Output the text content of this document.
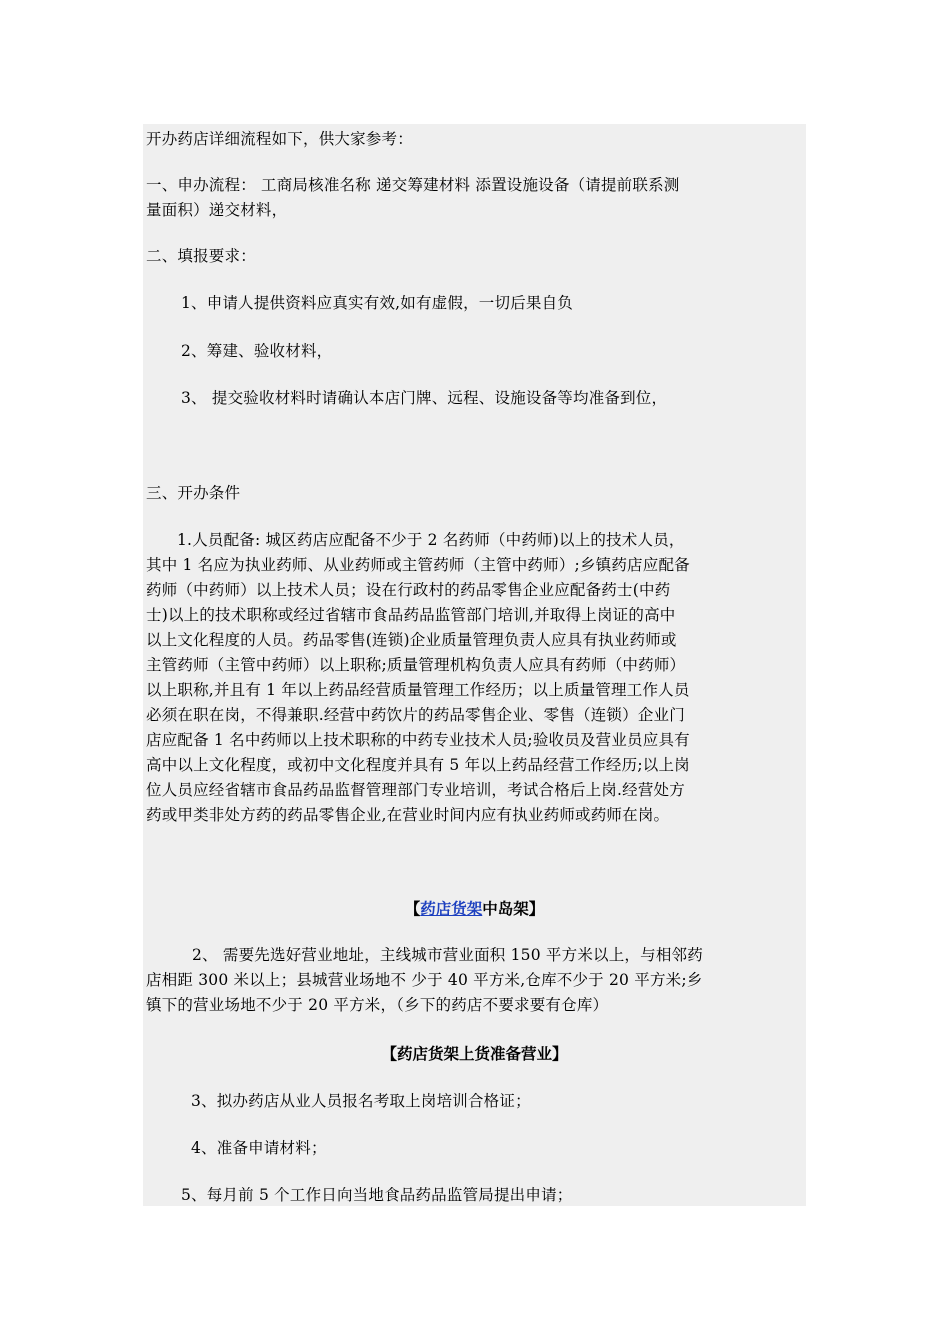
开办药店详细流程如下，供大家参考：
一、申办流程： 工商局核准名称 递交筹建材料 添置设施设备（请提前联系测
量面积）递交材料，
二、填报要求：
1、申请人提供资料应真实有效,如有虚假，一切后果自负
2、筹建、验收材料，
3、 提交验收材料时请确认本店门牌、远程、设施设备等均准备到位，
三、开办条件
1.人员配备: 城区药店应配备不少于 2 名药师（中药师)以上的技术人员，
其中 1 名应为执业药师、从业药师或主管药师（主管中药师）;乡镇药店应配备
药师（中药师）以上技术人员；设在行政村的药品零售企业应配备药士(中药
士)以上的技术职称或经过省辖市食品药品监管部门培训,并取得上岗证的高中
以上文化程度的人员。药品零售(连锁)企业质量管理负责人应具有执业药师或
主管药师（主管中药师）以上职称;质量管理机构负责人应具有药师（中药师）
以上职称,并且有 1 年以上药品经营质量管理工作经历；以上质量管理工作人员
必须在职在岗，不得兼职.经营中药饮片的药品零售企业、零售（连锁）企业门
店应配备 1 名中药师以上技术职称的中药专业技术人员;验收员及营业员应具有
高中以上文化程度，或初中文化程度并具有 5 年以上药品经营工作经历;以上岗
位人员应经省辖市食品药品监督管理部门专业培训，考试合格后上岗.经营处方
药或甲类非处方药的药品零售企业,在营业时间内应有执业药师或药师在岗。
【药店货架中岛架】
2、 需要先选好营业地址，主线城市营业面积 150 平方米以上，与相邻药
店相距 300 米以上；县城营业场地不 少于 40 平方米,仓库不少于 20 平方米;乡
镇下的营业场地不少于 20 平方米，（乡下的药店不要求要有仓库）
【药店货架上货准备营业】
3、拟办药店从业人员报名考取上岗培训合格证；
4、准备申请材料；
5、每月前 5 个工作日向当地食品药品监管局提出申请；
